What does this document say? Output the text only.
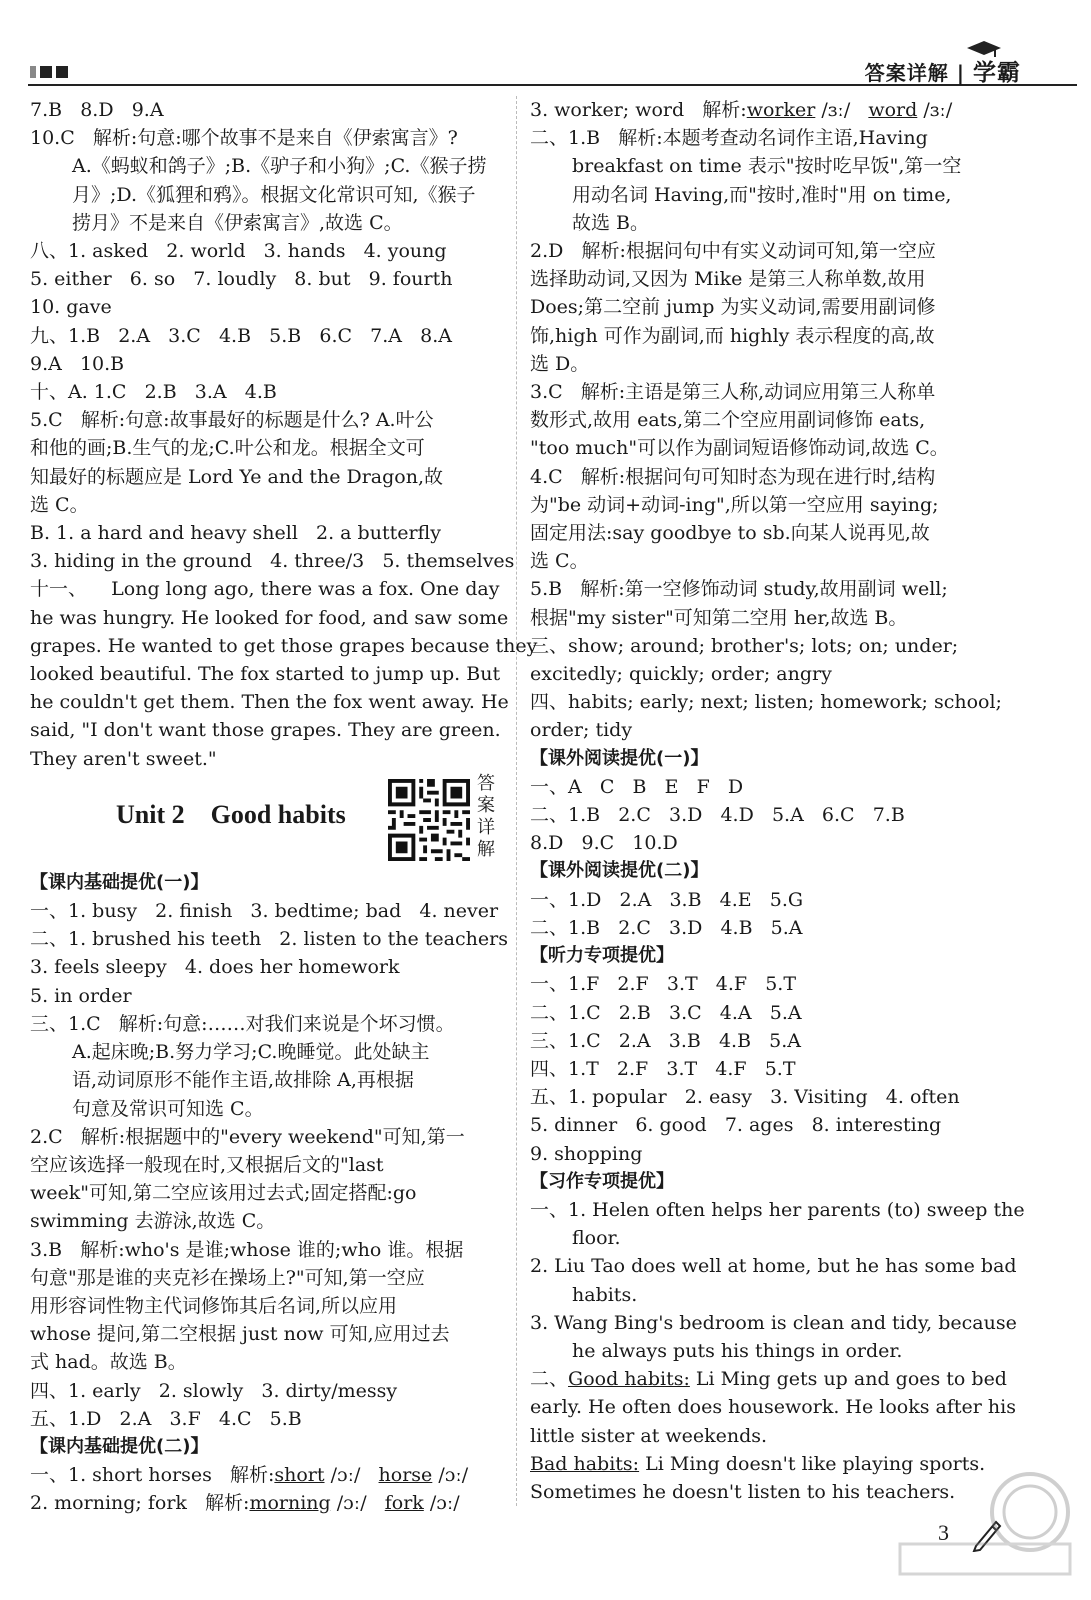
答案详解 | 学霸
7.B   8.D   9.A
10.C   解析:句意:哪个故事不是来自《伊索寓言》?
A.《蚂蚁和鸽子》;B.《驴子和小狗》;C.《猴子捞
月》;D.《狐狸和鸦》。根据文化常识可知,《猴子
捞月》不是来自《伊索寓言》,故选 C。
八、1. asked   2. world   3. hands   4. young
5. either   6. so   7. loudly   8. but   9. fourth
10. gave
九、1.B   2.A   3.C   4.B   5.B   6.C   7.A   8.A
9.A   10.B
十、A. 1.C   2.B   3.A   4.B
5.C   解析:句意:故事最好的标题是什么? A.叶公
和他的画;B.生气的龙;C.叶公和龙。根据全文可
知最好的标题应是 Lord Ye and the Dragon,故
选 C。
B. 1. a hard and heavy shell   2. a butterfly
3. hiding in the ground   4. three/3   5. themselves
十一、    Long long ago, there was a fox. One day
he was hungry. He looked for food, and saw some
grapes. He wanted to get those grapes because they
looked beautiful. The fox started to jump up. But
he couldn't get them. Then the fox went away. He
said, "I don't want those grapes. They are green.
They aren't sweet."
Unit 2    Good habits
答案详解
【课内基础提优(一)】
一、1. busy   2. finish   3. bedtime; bad   4. never
二、1. brushed his teeth   2. listen to the teachers
3. feels sleepy   4. does her homework
5. in order
三、1.C   解析:句意:……对我们来说是个坏习惯。
A.起床晚;B.努力学习;C.晚睡觉。此处缺主
语,动词原形不能作主语,故排除 A,再根据
句意及常识可知选 C。
2.C   解析:根据题中的"every weekend"可知,第一
空应该选择一般现在时,又根据后文的"last
week"可知,第二空应该用过去式;固定搭配:go
swimming 去游泳,故选 C。
3.B   解析:who's 是谁;whose 谁的;who 谁。根据
句意"那是谁的夹克衫在操场上?"可知,第一空应
用形容词性物主代词修饰其后名词,所以应用
whose 提问,第二空根据 just now 可知,应用过去
式 had。故选 B。
四、1. early   2. slowly   3. dirty/messy
五、1.D   2.A   3.F   4.C   5.B
【课内基础提优(二)】
一、1. short horses   解析:short /ɔː/   horse /ɔː/
2. morning; fork   解析:morning /ɔː/   fork /ɔː/
3. worker; word   解析:worker /ɜː/   word /ɜː/
二、1.B   解析:本题考查动名词作主语,Having
breakfast on time 表示"按时吃早饭",第一空
用动名词 Having,而"按时,准时"用 on time,
故选 B。
2.D   解析:根据问句中有实义动词可知,第一空应
选择助动词,又因为 Mike 是第三人称单数,故用
Does;第二空前 jump 为实义动词,需要用副词修
饰,high 可作为副词,而 highly 表示程度的高,故
选 D。
3.C   解析:主语是第三人称,动词应用第三人称单
数形式,故用 eats,第二个空应用副词修饰 eats,
"too much"可以作为副词短语修饰动词,故选 C。
4.C   解析:根据问句可知时态为现在进行时,结构
为"be 动词+动词-ing",所以第一空应用 saying;
固定用法:say goodbye to sb.向某人说再见,故
选 C。
5.B   解析:第一空修饰动词 study,故用副词 well;
根据"my sister"可知第二空用 her,故选 B。
三、show; around; brother's; lots; on; under;
excitedly; quickly; order; angry
四、habits; early; next; listen; homework; school;
order; tidy
【课外阅读提优(一)】
一、A   C   B   E   F   D
二、1.B   2.C   3.D   4.D   5.A   6.C   7.B
8.D   9.C   10.D
【课外阅读提优(二)】
一、1.D   2.A   3.B   4.E   5.G
二、1.B   2.C   3.D   4.B   5.A
【听力专项提优】
一、1.F   2.F   3.T   4.F   5.T
二、1.C   2.B   3.C   4.A   5.A
三、1.C   2.A   3.B   4.B   5.A
四、1.T   2.F   3.T   4.F   5.T
五、1. popular   2. easy   3. Visiting   4. often
5. dinner   6. good   7. ages   8. interesting
9. shopping
【习作专项提优】
一、1. Helen often helps her parents (to) sweep the
floor.
2. Liu Tao does well at home, but he has some bad
habits.
3. Wang Bing's bedroom is clean and tidy, because
he always puts his things in order.
二、Good habits: Li Ming gets up and goes to bed
early. He often does housework. He looks after his
little sister at weekends.
Bad habits: Li Ming doesn't like playing sports.
Sometimes he doesn't listen to his teachers.
3
